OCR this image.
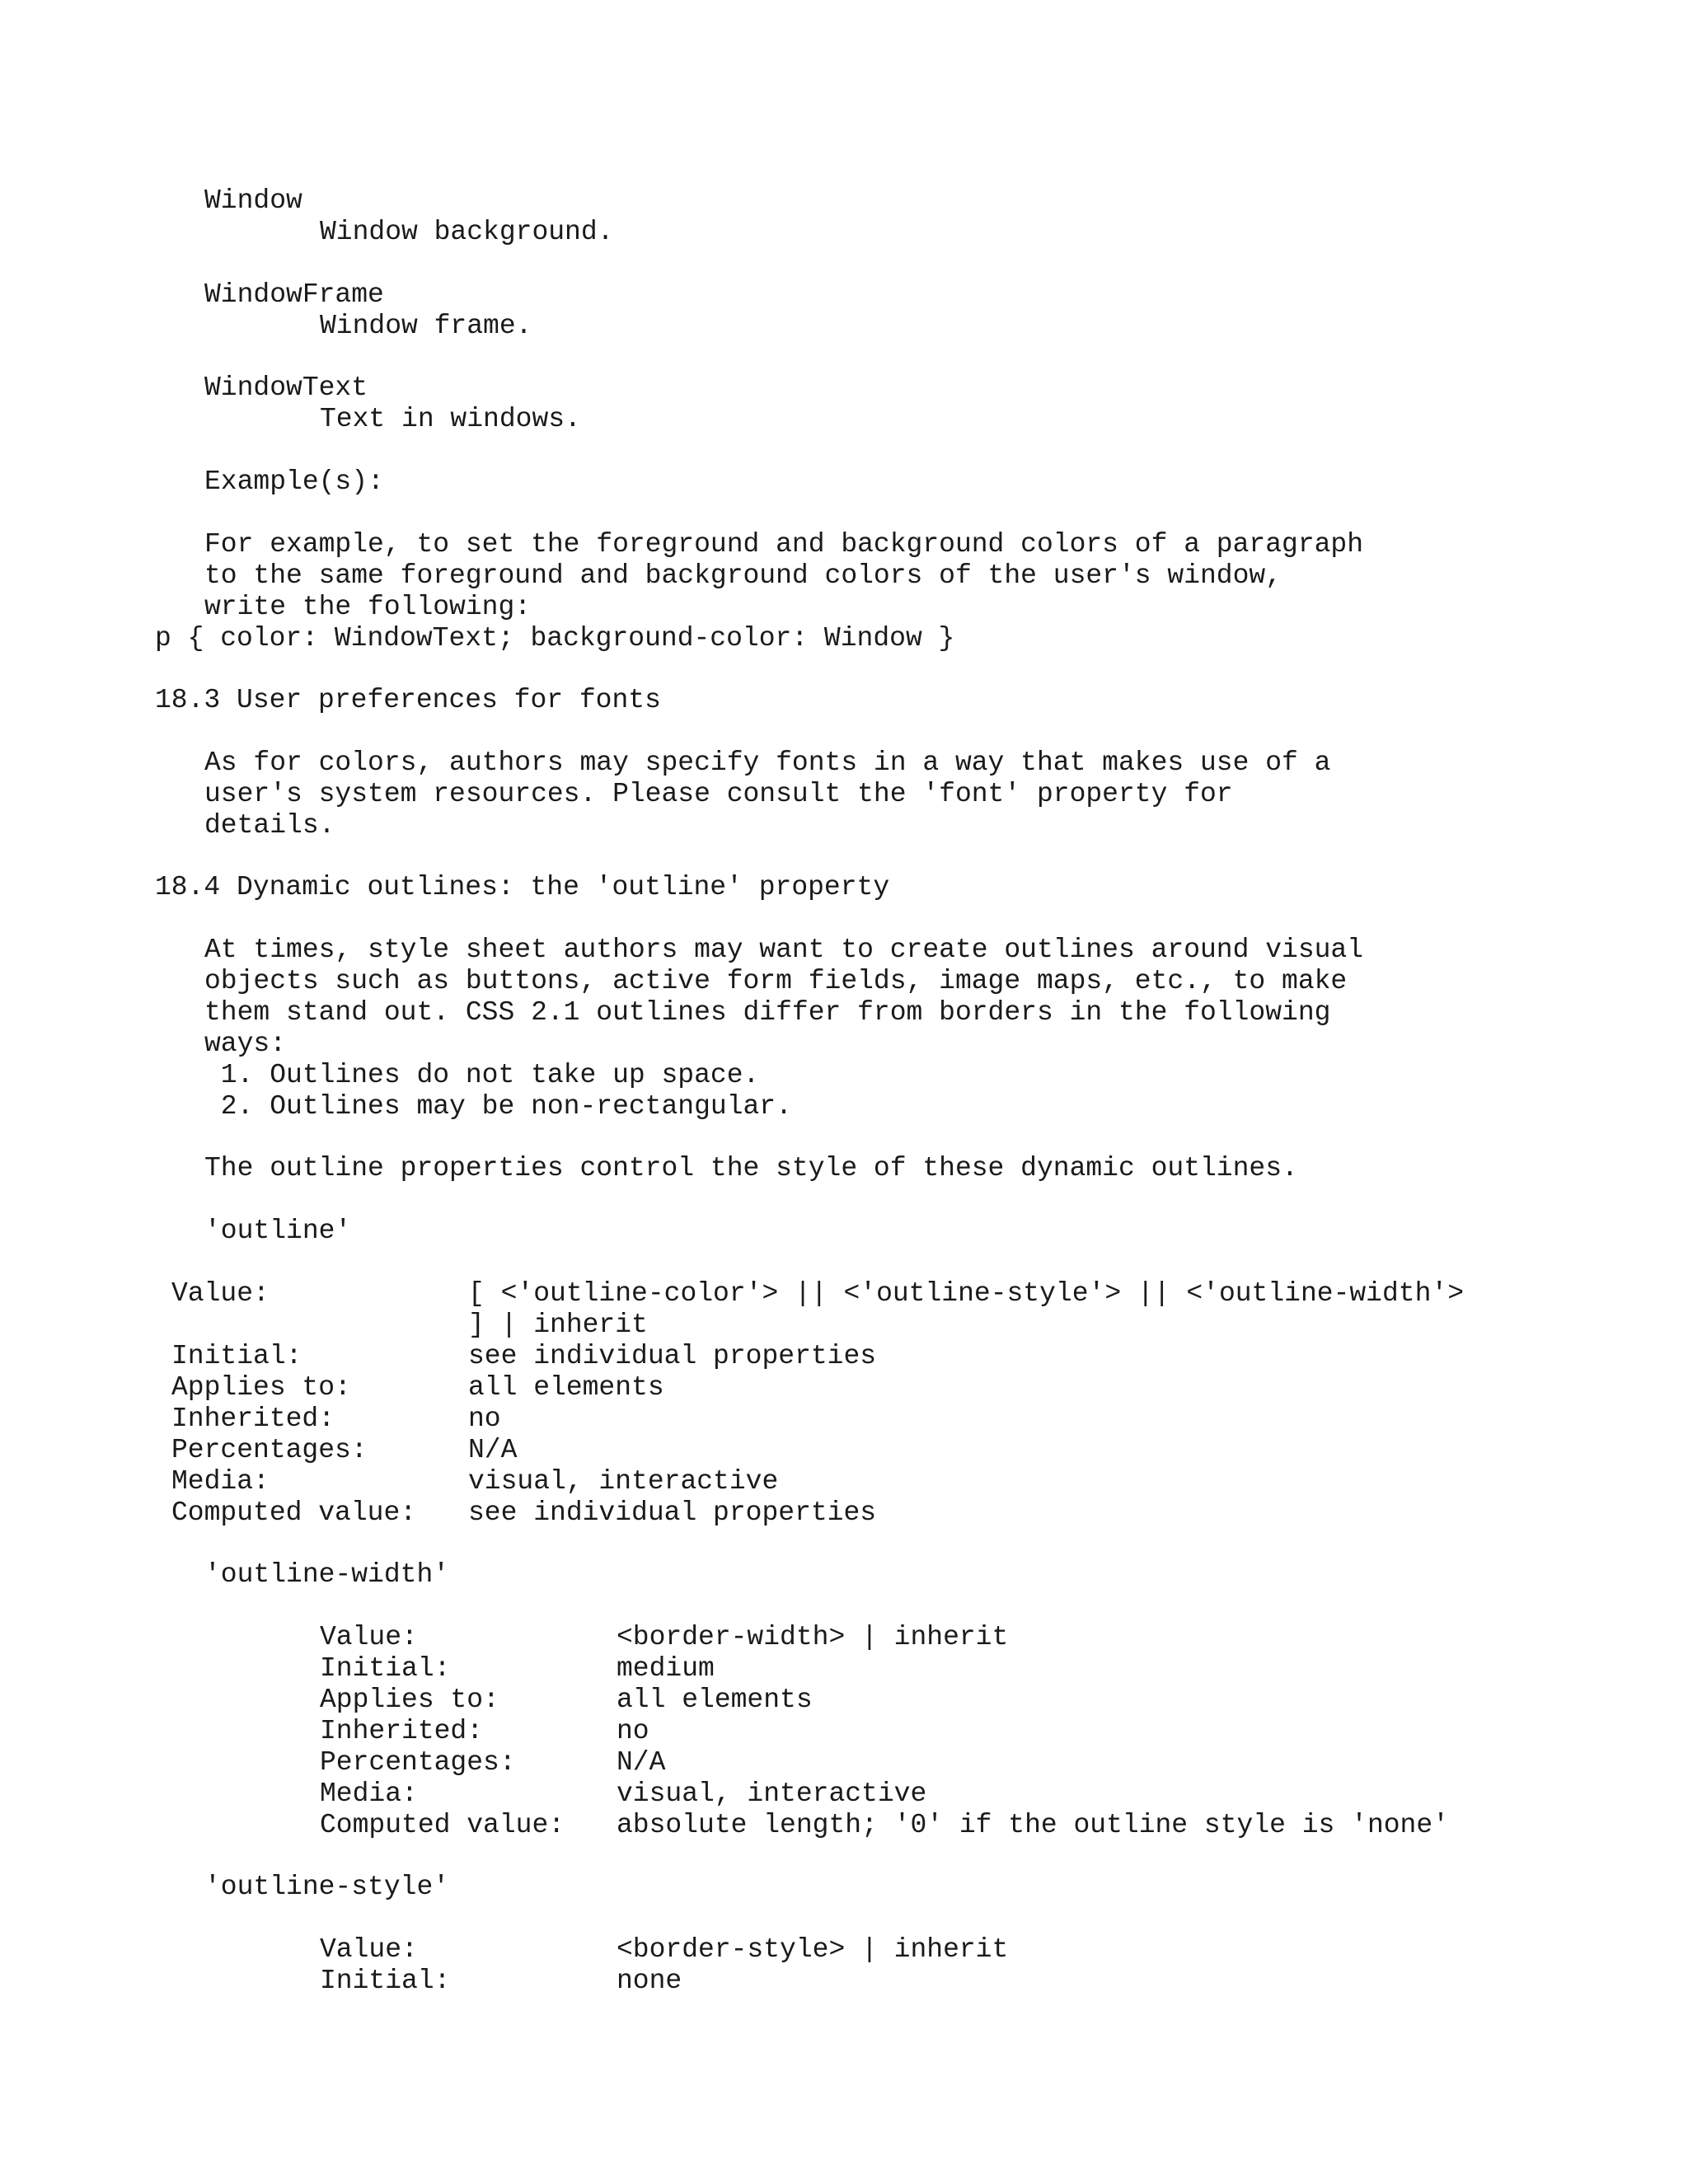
Window
Window background.
WindowFrame
Window frame.
WindowText
Text in windows.
Example(s):
For example, to set the foreground and background colors of a paragraph
to the same foreground and background colors of the user's window,
write the following:
p { color: WindowText; background-color: Window }
18.3 User preferences for fonts
As for colors, authors may specify fonts in a way that makes use of a
user's system resources. Please consult the 'font' property for
details.
18.4 Dynamic outlines: the 'outline' property
At times, style sheet authors may want to create outlines around visual
objects such as buttons, active form fields, image maps, etc., to make
them stand out. CSS 2.1 outlines differ from borders in the following
ways:
1. Outlines do not take up space.
2. Outlines may be non-rectangular.
The outline properties control the style of these dynamic outlines.
'outline'
Value:	[ <'outline-color'> || <'outline-style'> || <'outline-width'>
] | inherit
Initial:	see individual properties
Applies to:	all elements
Inherited:	no
Percentages:	N/A
Media:	visual, interactive
Computed value: see individual properties
'outline-width'
Value:	<border-width> | inherit
Initial:	medium
Applies to:	all elements
Inherited:	no
Percentages:	N/A
Media:	visual, interactive
Computed value: absolute length; '0' if the outline style is 'none'
'outline-style'
Value:	<border-style> | inherit
Initial:	none
